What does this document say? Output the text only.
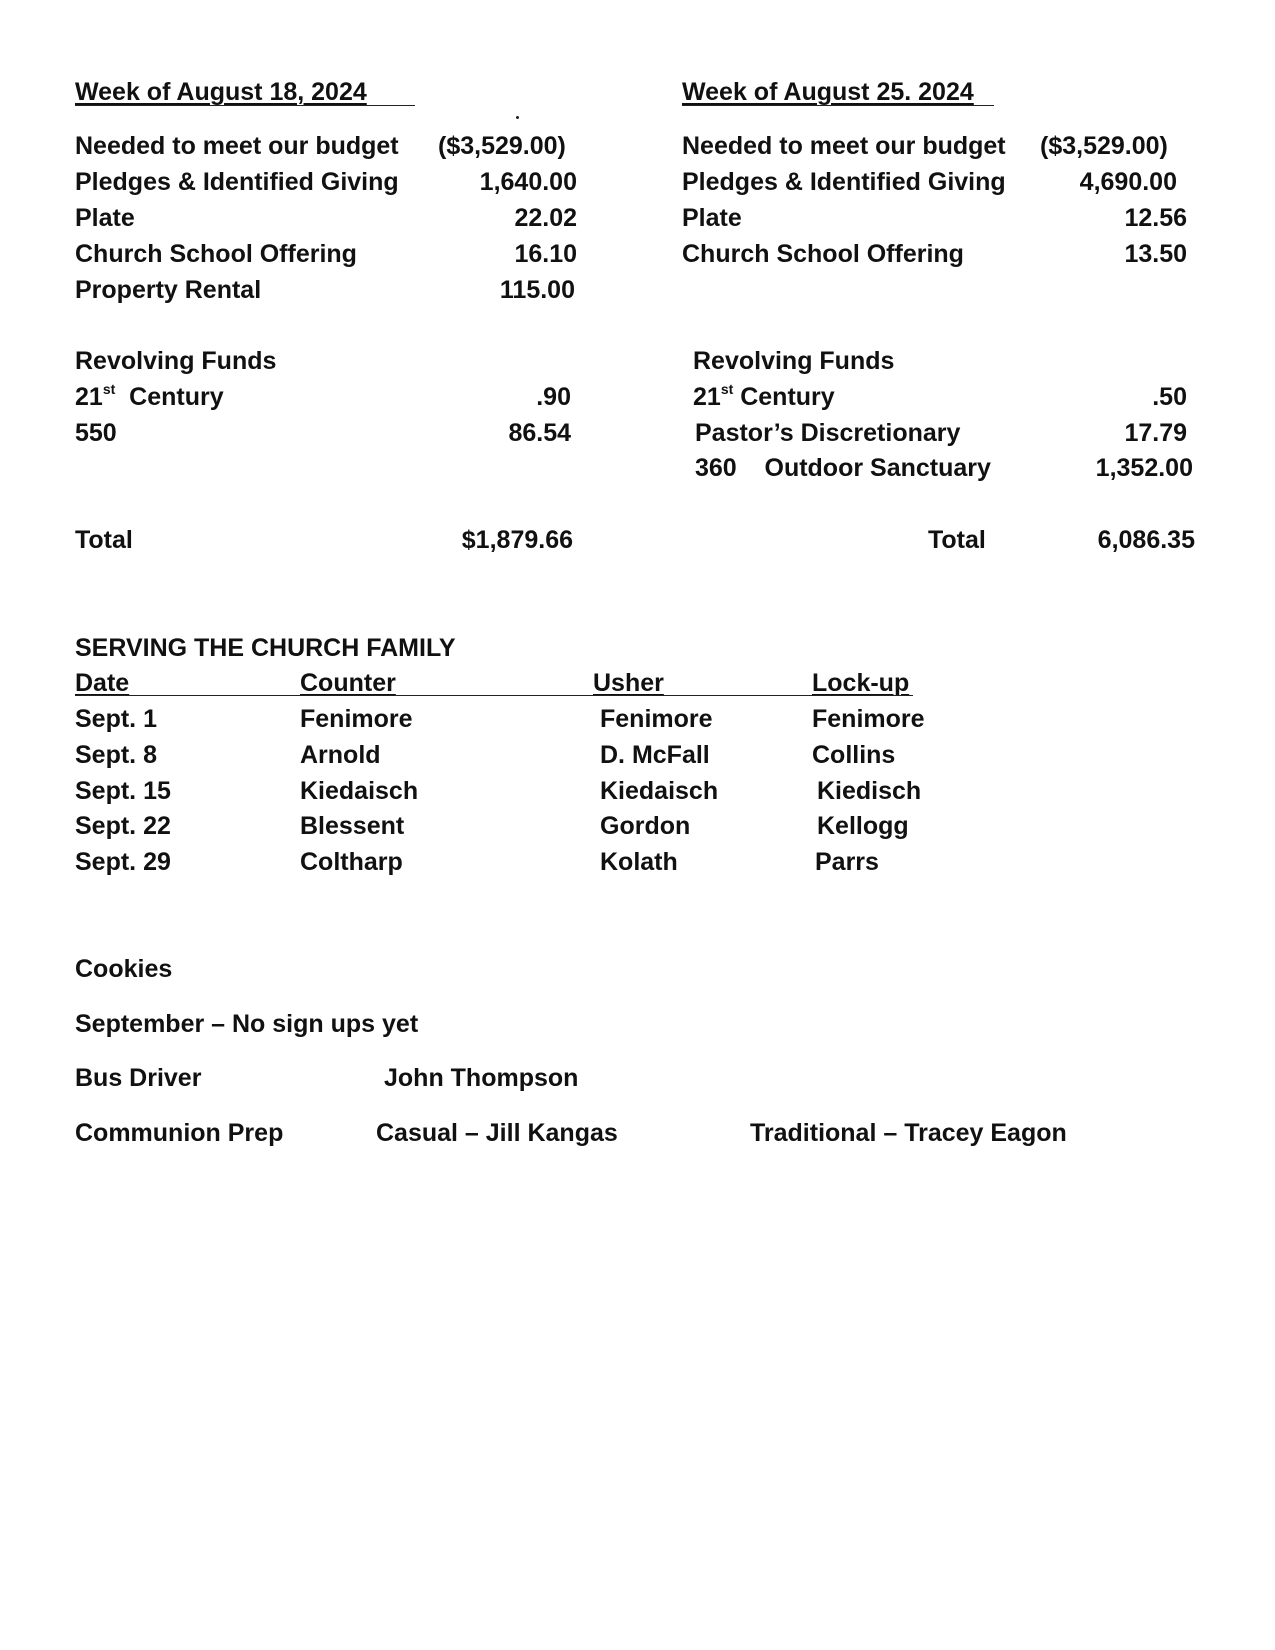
Week of August 18, 2024
Needed to meet our budget ($3,529.00)
Pledges & Identified Giving	1,640.00
Plate	22.02
Church School Offering	16.10
Property Rental	115.00
Revolving Funds
21st Century	.90
550	86.54
Total	$1,879.66
Week of August 25. 2024
Needed to meet our budget ($3,529.00)
Pledges & Identified Giving	4,690.00
Plate	12.56
Church School Offering	13.50
Revolving Funds
21st Century	.50
Pastor’s Discretionary	17.79
360    Outdoor Sanctuary	1,352.00
Total	6,086.35
SERVING THE CHURCH FAMILY
Date	Counter	Usher	Lock-up
Sept. 1	Fenimore	Fenimore	Fenimore
Sept. 8	Arnold	D. McFall	Collins
Sept. 15	Kiedaisch	Kiedaisch	Kiedisch
Sept. 22	Blessent	Gordon	Kellogg
Sept. 29	Coltharp	Kolath	Parrs
Cookies
September – No sign ups yet
Bus Driver	John Thompson
Communion Prep	Casual – Jill Kangas	Traditional – Tracey Eagon
